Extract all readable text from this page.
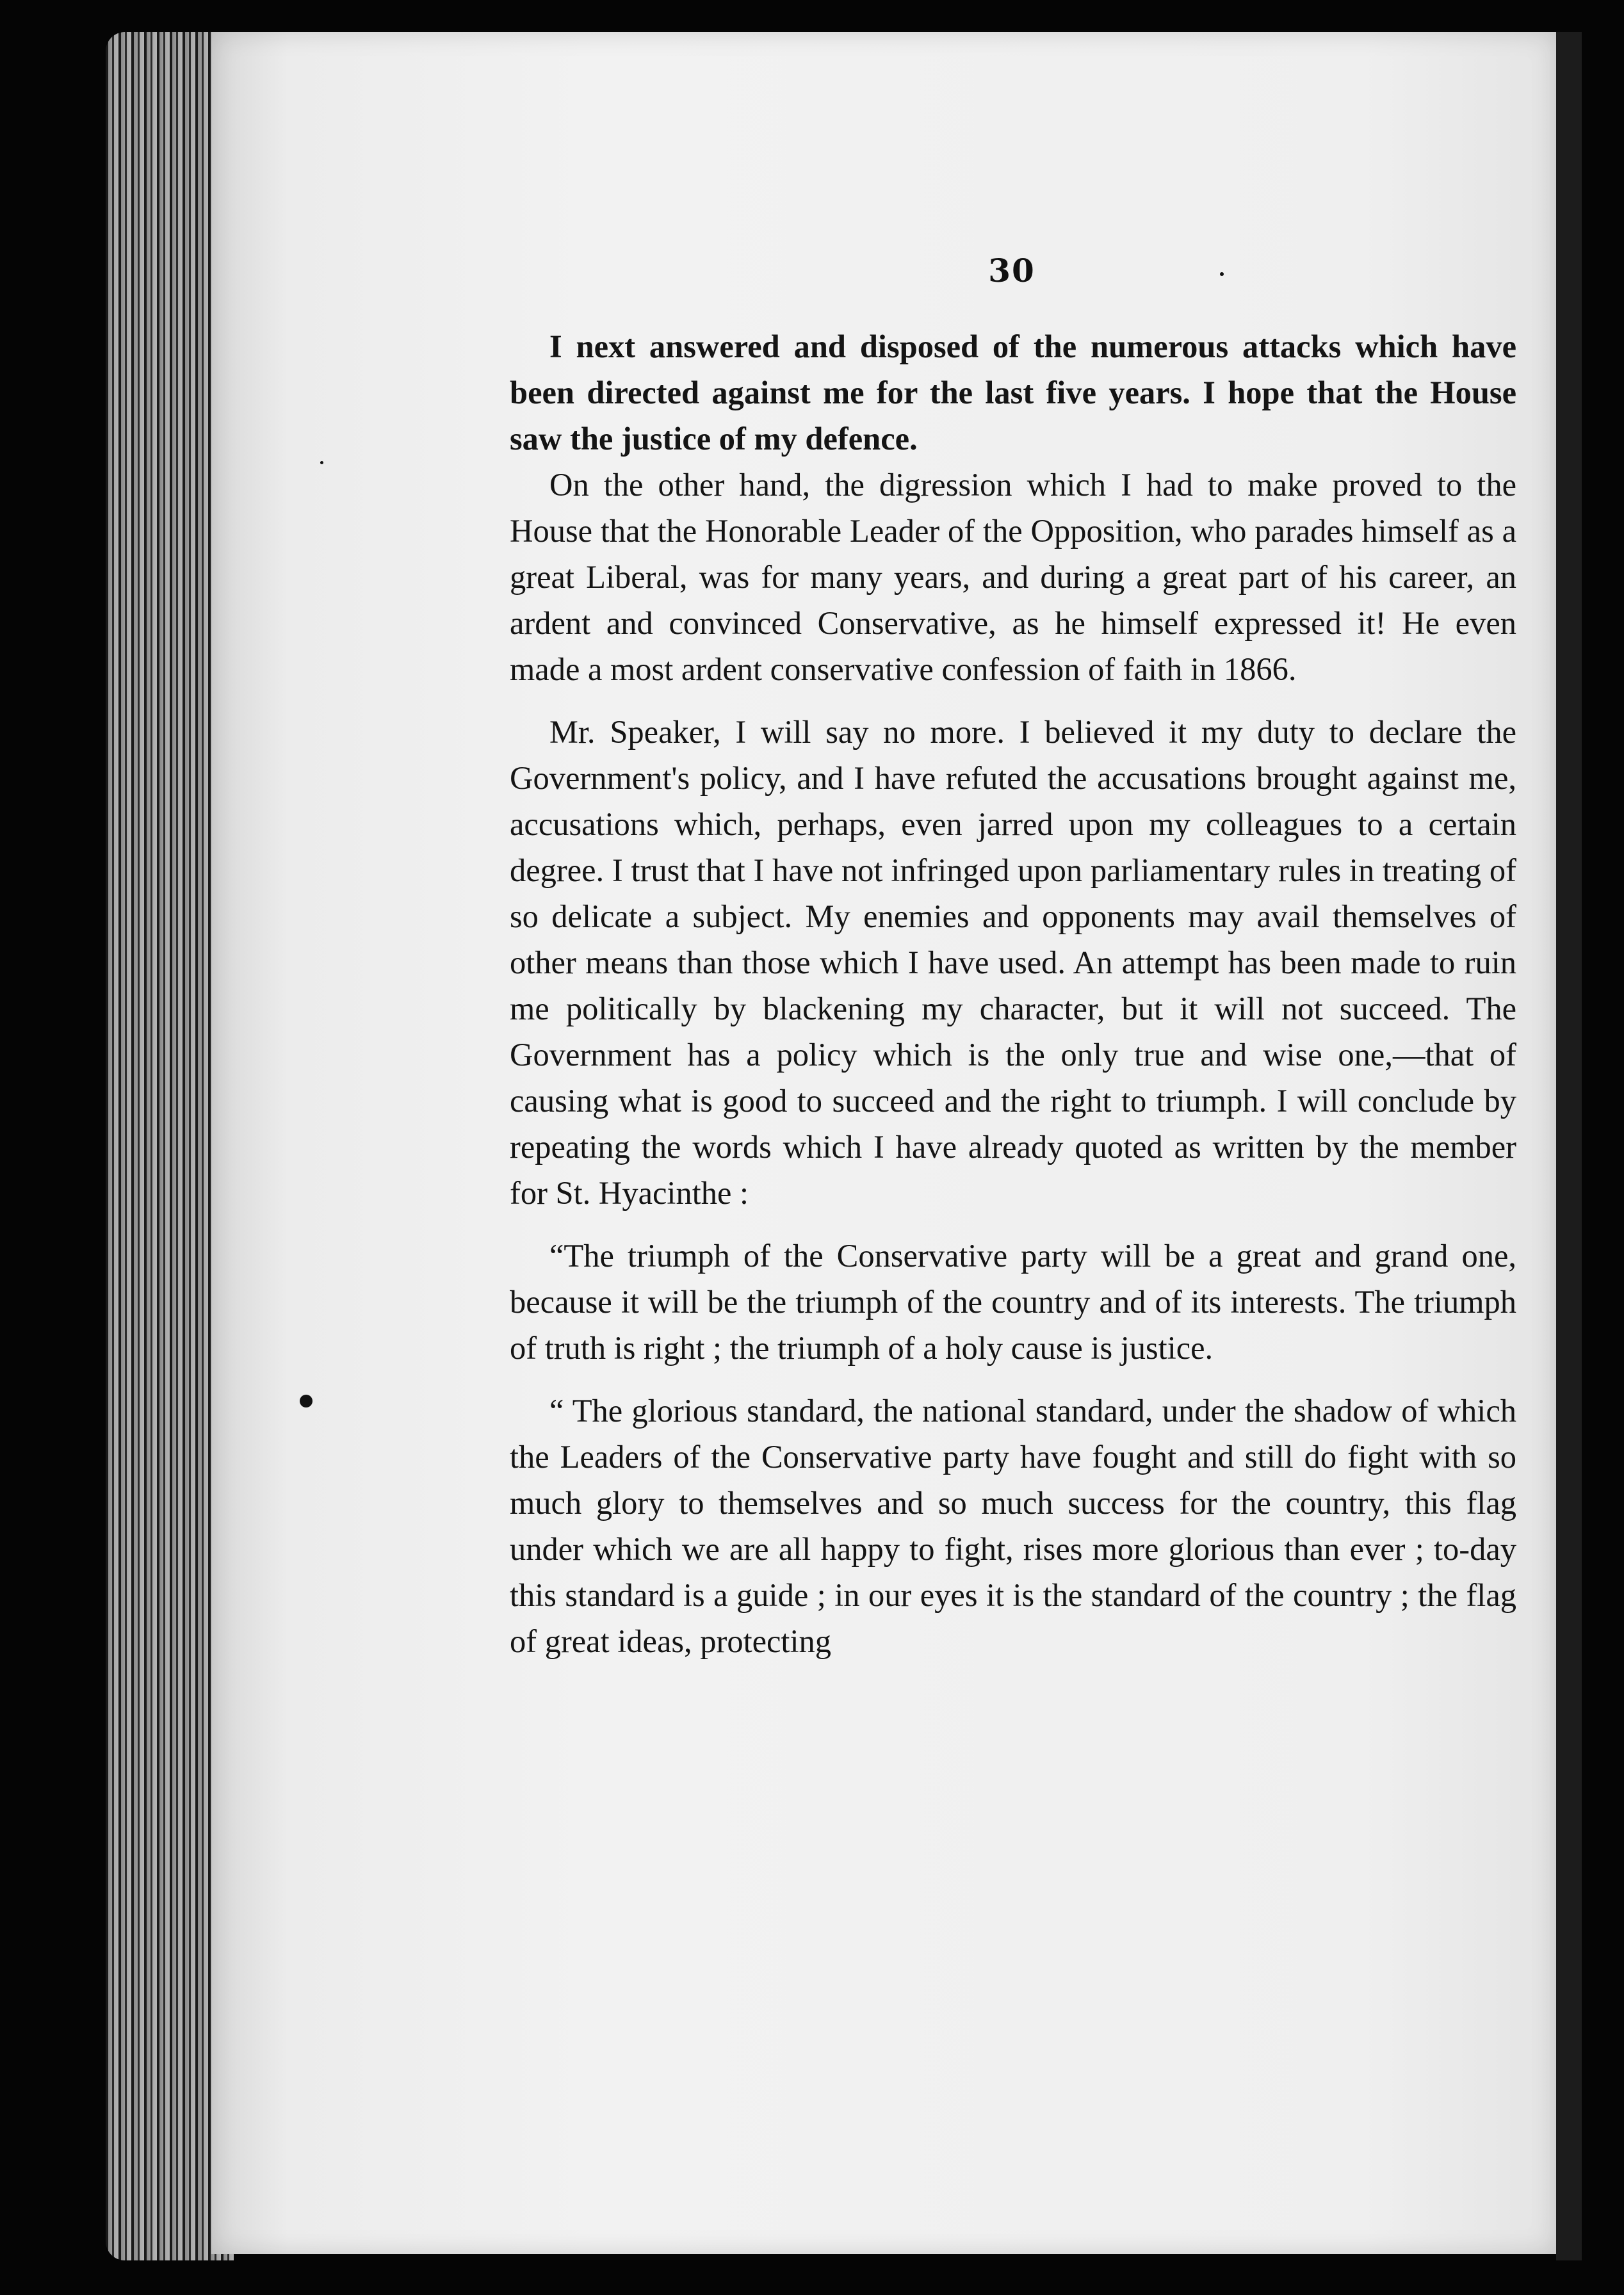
30

I next answered and disposed of the numerous attacks which have been directed against me for the last five years. I hope that the House saw the justice of my defence.

On the other hand, the digression which I had to make proved to the House that the Honorable Leader of the Opposition, who parades himself as a great Liberal, was for many years, and during a great part of his career, an ardent and convinced Conservative, as he himself expressed it! He even made a most ardent conservative confession of faith in 1866.

Mr. Speaker, I will say no more. I believed it my duty to declare the Government's policy, and I have refuted the accusations brought against me, accusations which, perhaps, even jarred upon my colleagues to a certain degree. I trust that I have not infringed upon parliamentary rules in treating of so delicate a subject. My enemies and opponents may avail themselves of other means than those which I have used. An attempt has been made to ruin me politically by blackening my character, but it will not succeed. The Government has a policy which is the only true and wise one,—that of causing what is good to succeed and the right to triumph. I will conclude by repeating the words which I have already quoted as written by the member for St. Hyacinthe :

“The triumph of the Conservative party will be a great and grand one, because it will be the triumph of the country and of its interests. The triumph of truth is right ; the triumph of a holy cause is justice.

“ The glorious standard, the national standard, under the shadow of which the Leaders of the Conservative party have fought and still do fight with so much glory to themselves and so much success for the country, this flag under which we are all happy to fight, rises more glorious than ever ; to-day this standard is a guide ; in our eyes it is the standard of the country ; the flag of great ideas, protecting
